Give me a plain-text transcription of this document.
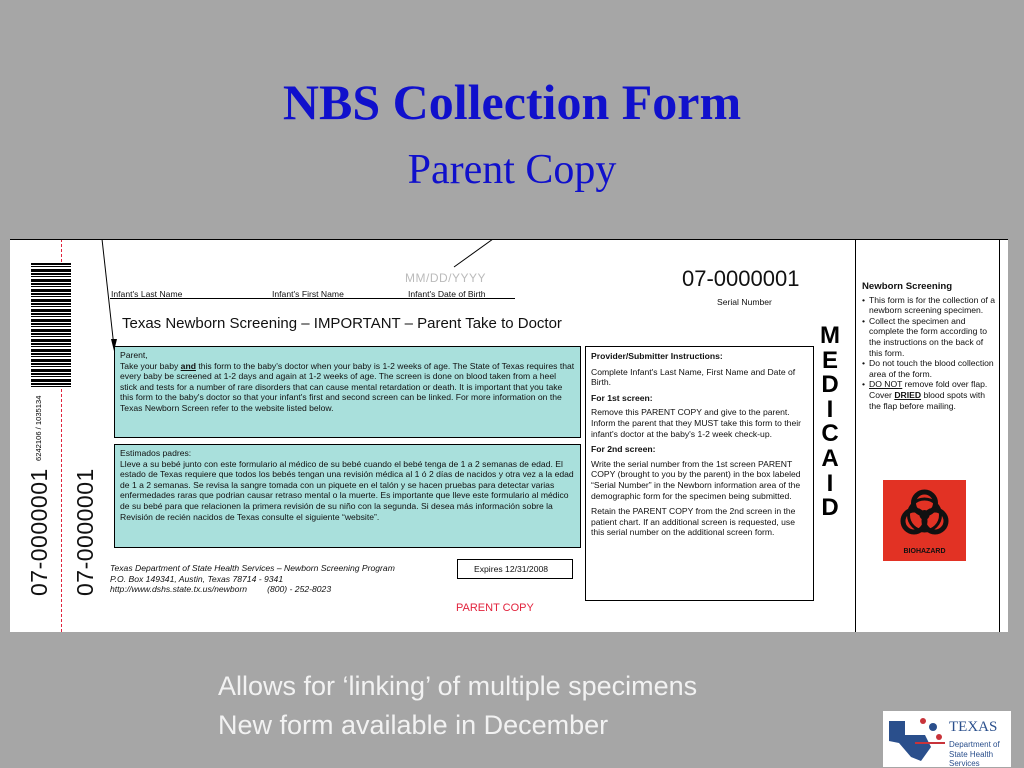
NBS Collection Form
Parent Copy
6242106 / 1035134
07-0000001 07-0000001
MM/DD/YYYY
Infant's Last Name	Infant's First Name	Infant's Date of Birth
07-0000001
Serial Number
Texas Newborn Screening – IMPORTANT – Parent Take to Doctor
Parent,
Take your baby and this form to the baby's doctor when your baby is 1-2 weeks of age. The State of Texas requires that every baby be screened at 1-2 days and again at 1-2 weeks of age. The screen is done on blood taken from a heel stick and tests for a number of rare disorders that can cause mental retardation or death. It is important that you take this form to the baby's doctor so that your infant's first and second screen can be linked. For more information on the Texas Newborn Screen refer to the website listed below.
Estimados padres:
Lleve a su bebé junto con este formulario al médico de su bebé cuando el bebé tenga de 1 a 2 semanas de edad. El estado de Texas requiere que todos los bebés tengan una revisión médica al 1 ó 2 días de nacidos y otra vez a la edad de 1 a 2 semanas. Se revisa la sangre tomada con un piquete en el talón y se hacen pruebas para detectar varias enfermedades raras que podrian causar retraso mental o la muerte. Es importante que lleve este formulario al médico de su bebé para que relacionen la primera revisión de su niño con la segunda. Si desea más información sobre la Revisión de recién nacidos de Texas consulte el siguiente “website”.
Texas Department of State Health Services – Newborn Screening Program
P.O. Box 149341, Austin, Texas 78714 - 9341
http://www.dshs.state.tx.us/newborn (800) - 252-8023
Expires 12/31/2008
PARENT COPY
Provider/Submitter Instructions:
Complete Infant's Last Name, First Name and Date of Birth.
For 1st screen:
Remove this PARENT COPY and give to the parent. Inform the parent that they MUST take this form to their infant's doctor at the baby's 1-2 week check-up.
For 2nd screen:
Write the serial number from the 1st screen PARENT COPY (brought to you by the parent) in the box labeled “Serial Number” in the Newborn information area of the demographic form for the specimen being submitted.
Retain the PARENT COPY from the 2nd screen in the patient chart. If an additional screen is requested, use this serial number on the additional screen form.
M
E
D
I
C
A
I
D
Newborn Screening
• This form is for the collection of a newborn screening specimen.
• Collect the specimen and complete the form according to the instructions on the back of this form.
• Do not touch the blood collection area of the form.
• DO NOT remove fold over flap. Cover DRIED blood spots with the flap before mailing.
BIOHAZARD
Allows for ‘linking’ of multiple specimens
New form available in December	TEXAS
Department of
State Health Services
